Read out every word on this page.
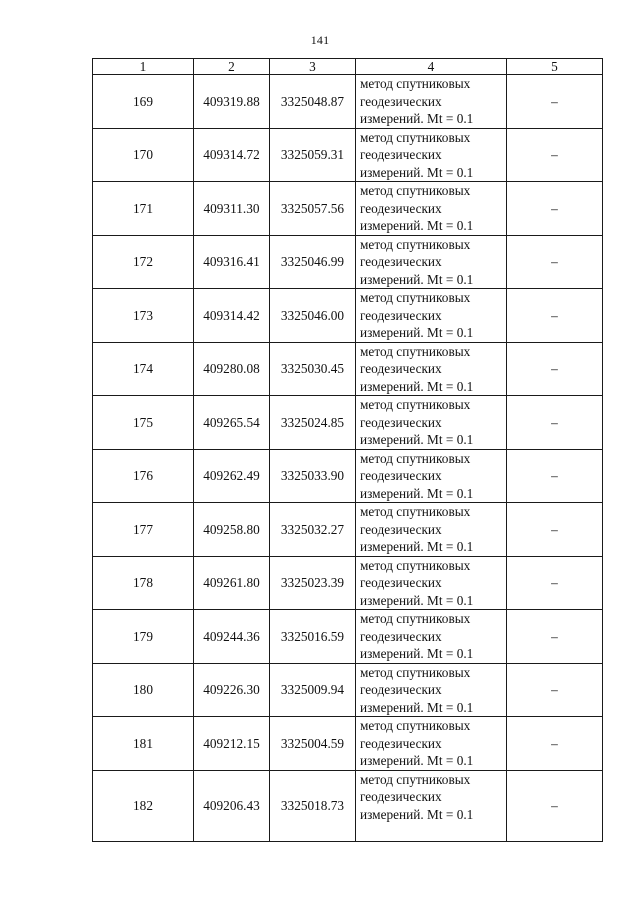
141
1	2	3	4	5
169	409319.88	3325048.87	метод спутниковых
геодезических
измерений. Mt = 0.1	–
170	409314.72	3325059.31	метод спутниковых
геодезических
измерений. Mt = 0.1	–
171	409311.30	3325057.56	метод спутниковых
геодезических
измерений. Mt = 0.1	–
172	409316.41	3325046.99	метод спутниковых
геодезических
измерений. Mt = 0.1	–
173	409314.42	3325046.00	метод спутниковых
геодезических
измерений. Mt = 0.1	–
174	409280.08	3325030.45	метод спутниковых
геодезических
измерений. Mt = 0.1	–
175	409265.54	3325024.85	метод спутниковых
геодезических
измерений. Mt = 0.1	–
176	409262.49	3325033.90	метод спутниковых
геодезических
измерений. Mt = 0.1	–
177	409258.80	3325032.27	метод спутниковых
геодезических
измерений. Mt = 0.1	–
178	409261.80	3325023.39	метод спутниковых
геодезических
измерений. Mt = 0.1	–
179	409244.36	3325016.59	метод спутниковых
геодезических
измерений. Mt = 0.1	–
180	409226.30	3325009.94	метод спутниковых
геодезических
измерений. Mt = 0.1	–
181	409212.15	3325004.59	метод спутниковых
геодезических
измерений. Mt = 0.1	–
182	409206.43	3325018.73	метод спутниковых
геодезических
измерений. Mt = 0.1	–
